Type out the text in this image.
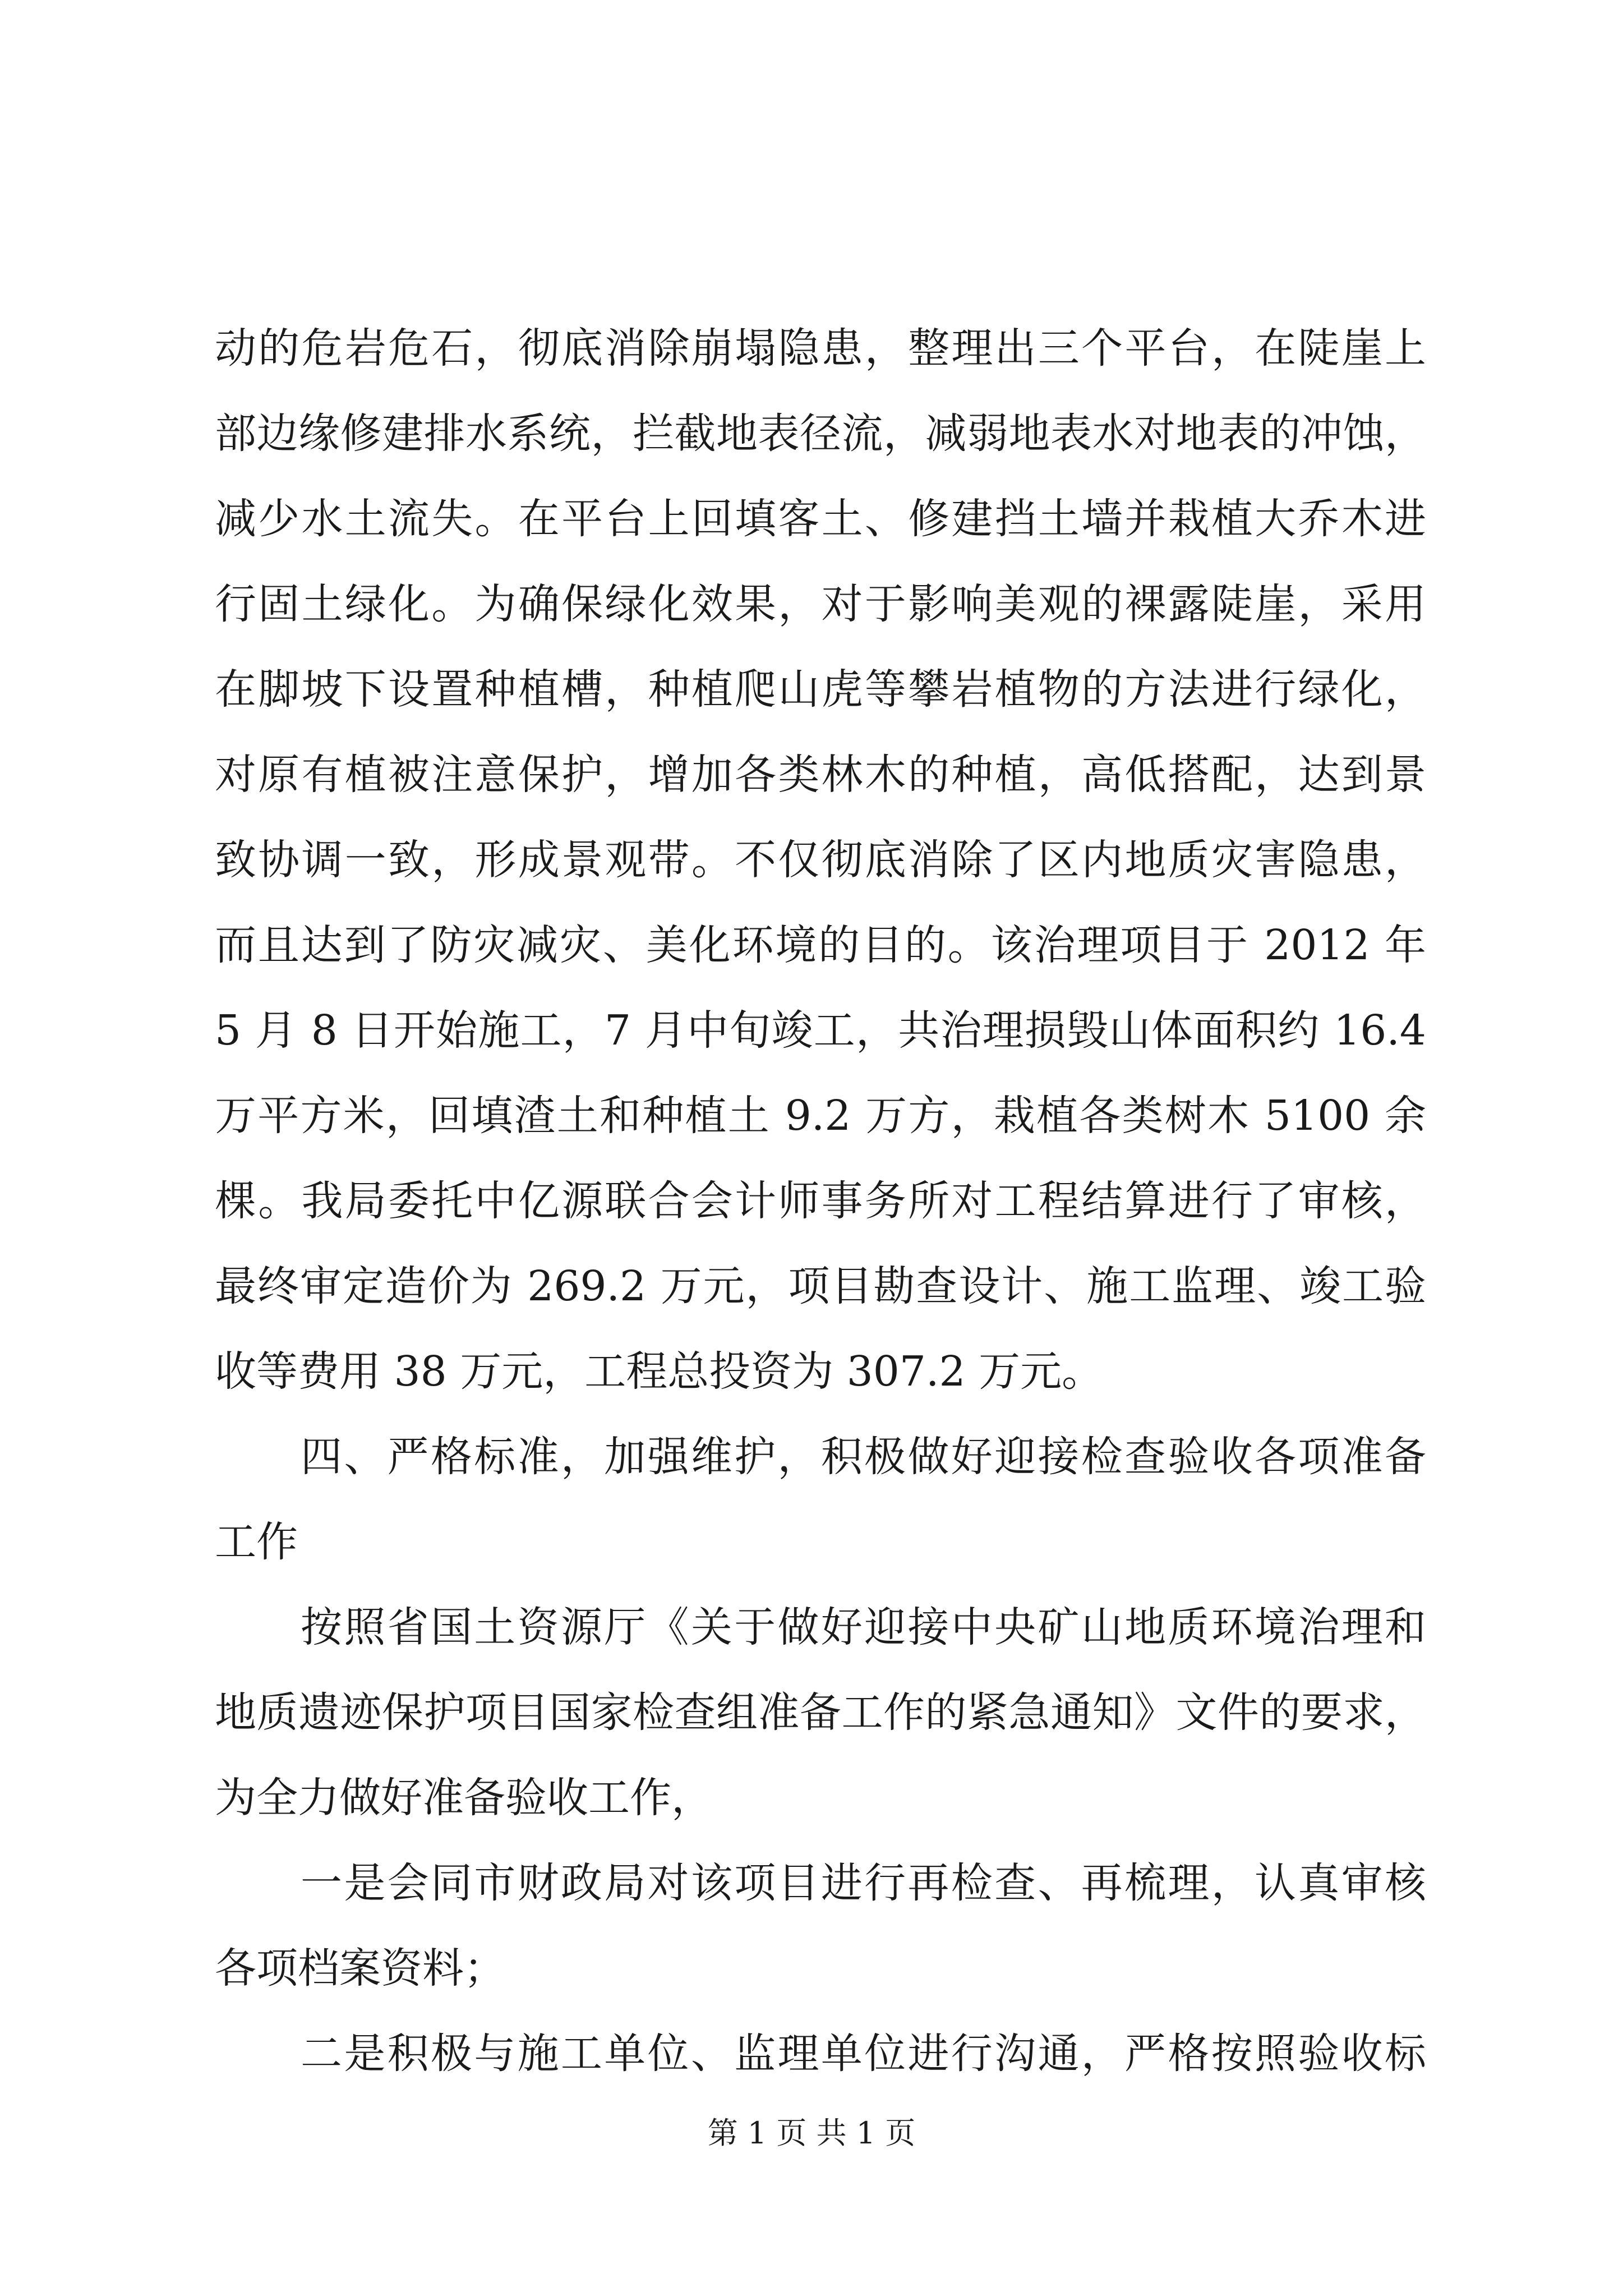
动的危岩危石，彻底消除崩塌隐患，整理出三个平台，在陡崖上
部边缘修建排水系统，拦截地表径流，减弱地表水对地表的冲蚀，
减少水土流失。在平台上回填客土、修建挡土墙并栽植大乔木进
行固土绿化。为确保绿化效果，对于影响美观的裸露陡崖，采用
在脚坡下设置种植槽，种植爬山虎等攀岩植物的方法进行绿化，
对原有植被注意保护，增加各类林木的种植，高低搭配，达到景
致协调一致，形成景观带。不仅彻底消除了区内地质灾害隐患，
而且达到了防灾减灾、美化环境的目的。该治理项目于 2012 年
5 月 8 日开始施工，7 月中旬竣工，共治理损毁山体面积约 16.4
万平方米，回填渣土和种植土 9.2 万方，栽植各类树木 5100 余
棵。我局委托中亿源联合会计师事务所对工程结算进行了审核，
最终审定造价为 269.2 万元，项目勘查设计、施工监理、竣工验
收等费用 38 万元，工程总投资为 307.2 万元。
四、严格标准，加强维护，积极做好迎接检查验收各项准备
工作
按照省国土资源厅《关于做好迎接中央矿山地质环境治理和
地质遗迹保护项目国家检查组准备工作的紧急通知》文件的要求，
为全力做好准备验收工作，
一是会同市财政局对该项目进行再检查、再梳理，认真审核
各项档案资料；
二是积极与施工单位、监理单位进行沟通，严格按照验收标
第 1 页 共 1 页
